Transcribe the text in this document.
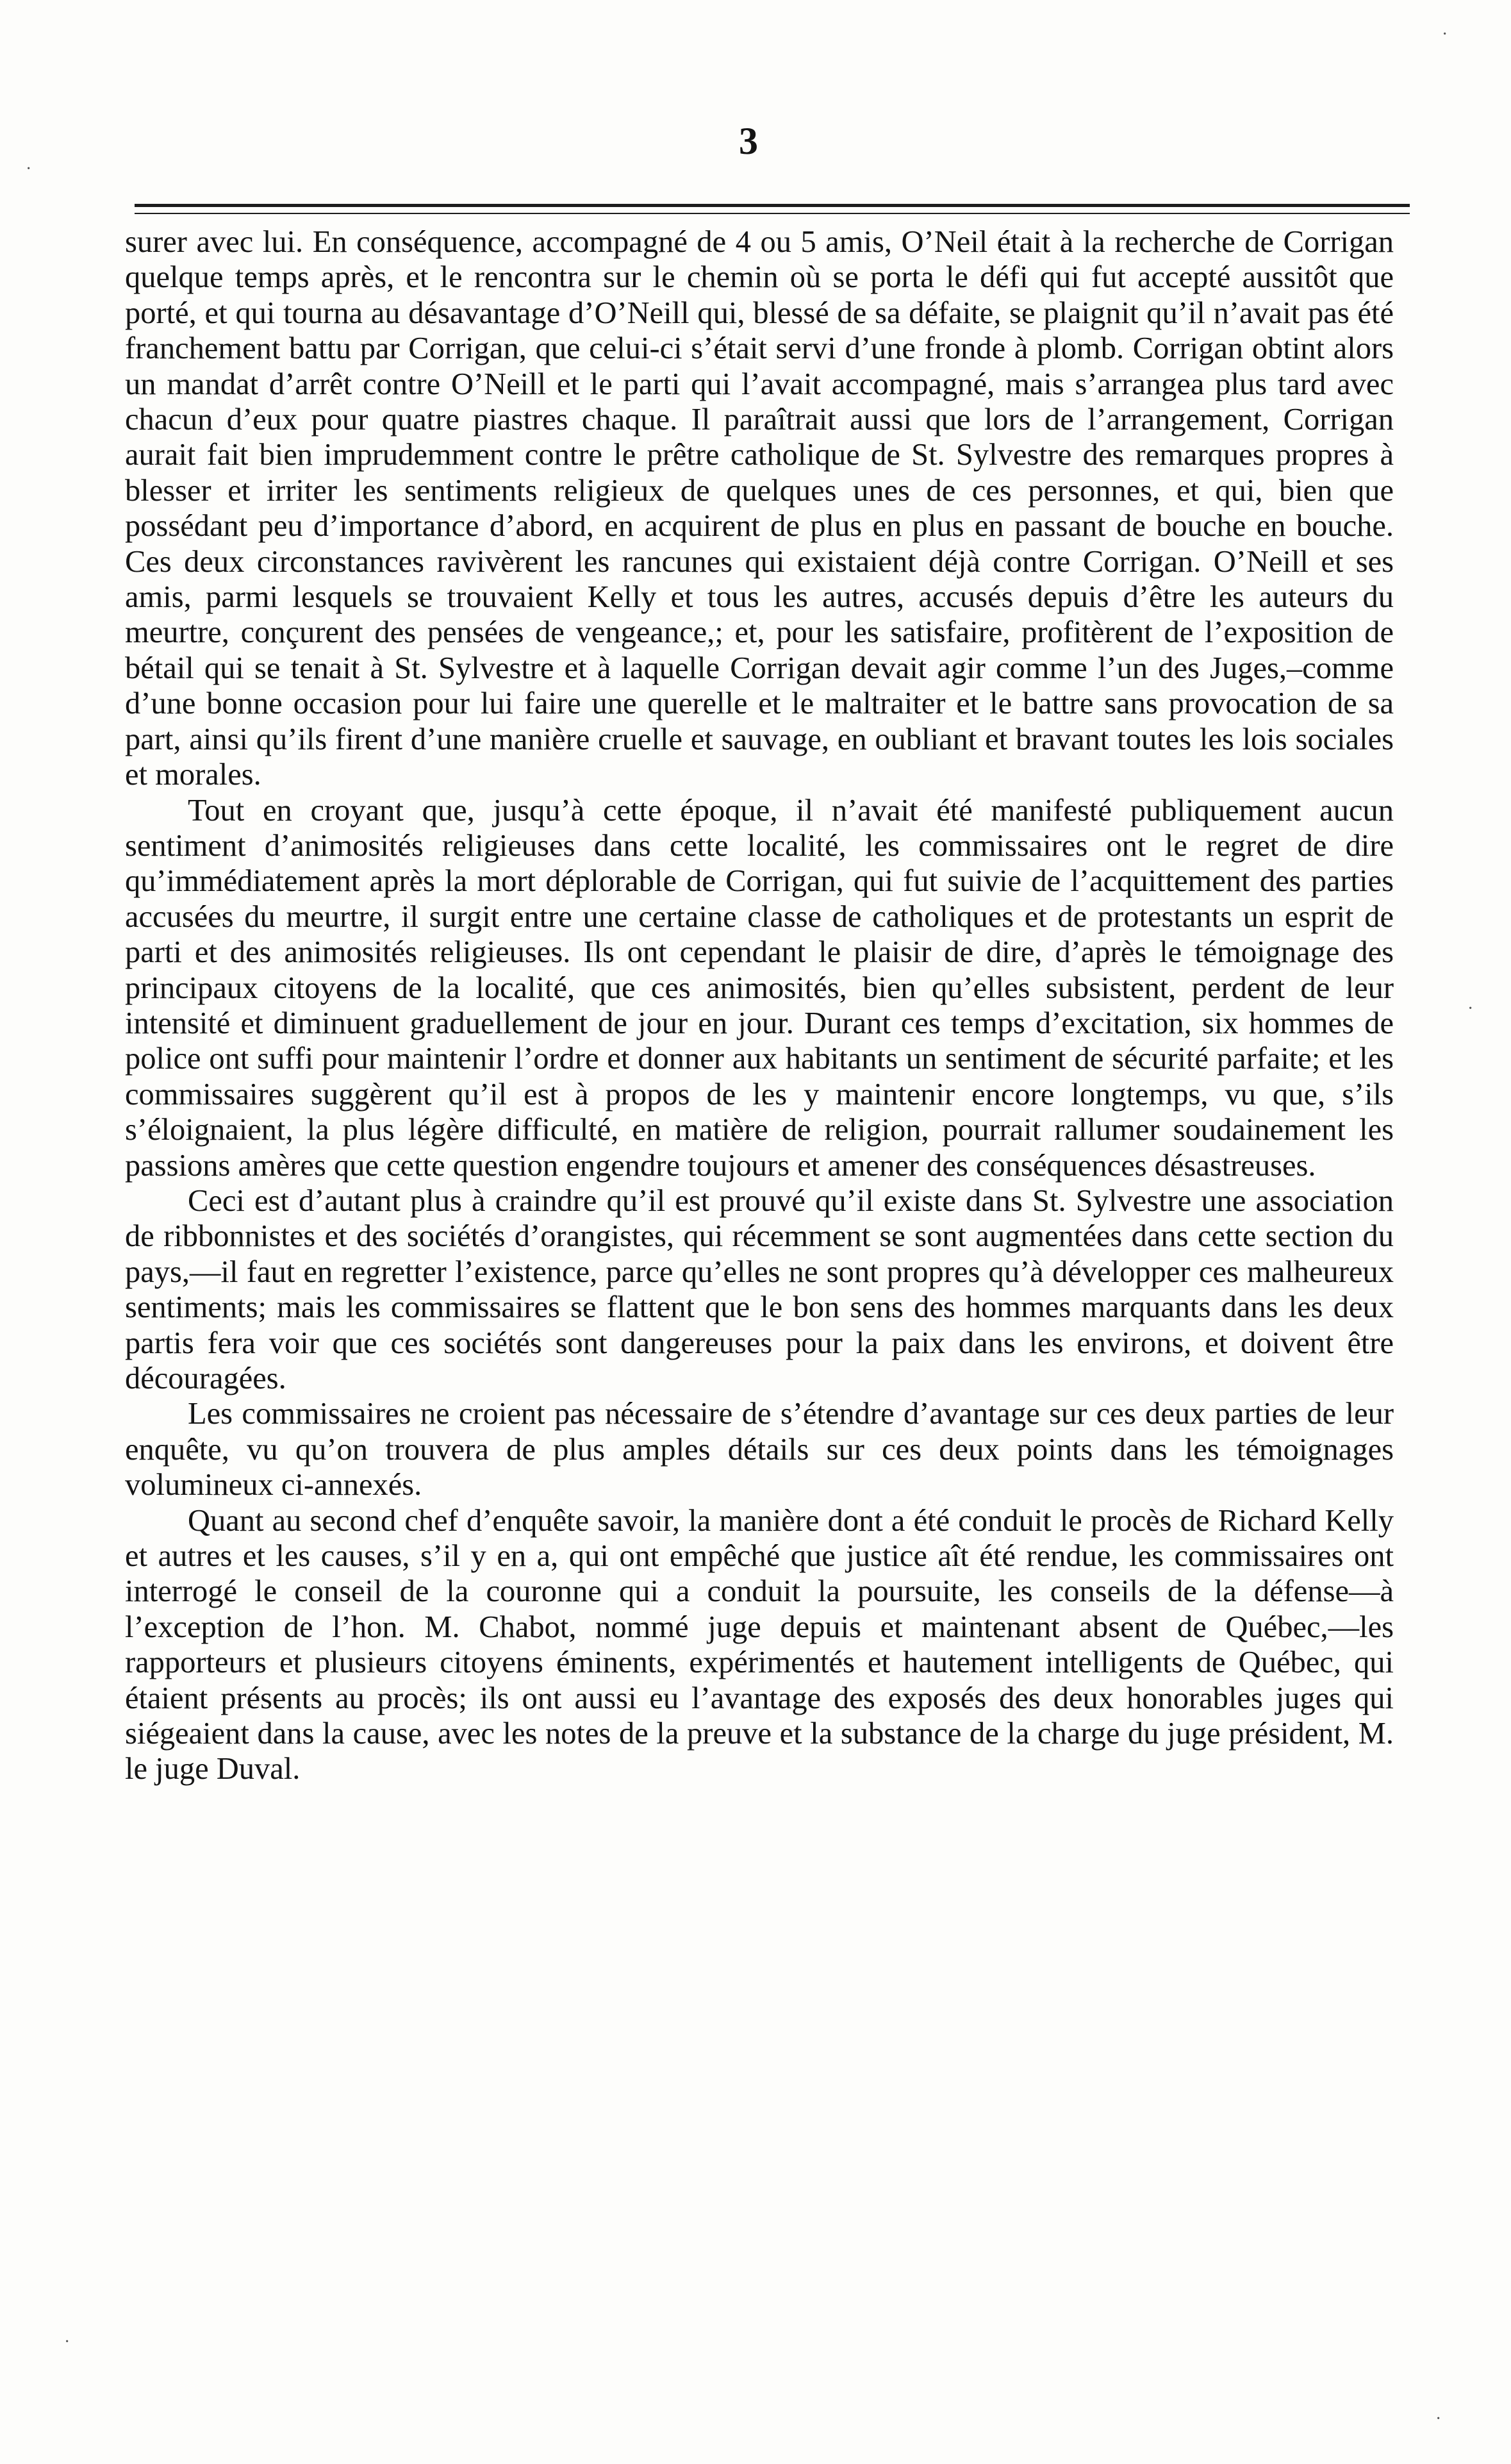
3

surer avec lui. En conséquence, accompagné de 4 ou 5 amis, O’Neil était à la recherche de Corrigan quelque temps après, et le rencontra sur le chemin où se porta le défi qui fut accepté aussitôt que porté, et qui tourna au désavantage d’O’Neill qui, blessé de sa défaite, se plaignit qu’il n’avait pas été franchement battu par Corrigan, que celui-ci s’était servi d’une fronde à plomb. Corrigan obtint alors un mandat d’arrêt contre O’Neill et le parti qui l’avait accompagné, mais s’arrangea plus tard avec chacun d’eux pour quatre piastres chaque. Il paraîtrait aussi que lors de l’arrangement, Corrigan aurait fait bien imprudemment contre le prêtre catholique de St. Sylvestre des remarques propres à blesser et irriter les sentiments religieux de quelques unes de ces personnes, et qui, bien que possédant peu d’importance d’abord, en acquirent de plus en plus en passant de bouche en bouche. Ces deux circonstances ravivèrent les rancunes qui existaient déjà contre Corrigan. O’Neill et ses amis, parmi lesquels se trouvaient Kelly et tous les autres, accusés depuis d’être les auteurs du meurtre, conçurent des pensées de vengeance,; et, pour les satisfaire, profitèrent de l’exposition de bétail qui se tenait à St. Sylvestre et à laquelle Corrigan devait agir comme l’un des Juges,–comme d’une bonne occasion pour lui faire une querelle et le maltraiter et le battre sans provocation de sa part, ainsi qu’ils firent d’une manière cruelle et sauvage, en oubliant et bravant toutes les lois sociales et morales.

Tout en croyant que, jusqu’à cette époque, il n’avait été manifesté publiquement aucun sentiment d’animosités religieuses dans cette localité, les commissaires ont le regret de dire qu’immédiatement après la mort déplorable de Corrigan, qui fut suivie de l’acquittement des parties accusées du meurtre, il surgit entre une certaine classe de catholiques et de protestants un esprit de parti et des animosités religieuses. Ils ont cependant le plaisir de dire, d’après le témoignage des principaux citoyens de la localité, que ces animosités, bien qu’elles subsistent, perdent de leur intensité et diminuent graduellement de jour en jour. Durant ces temps d’excitation, six hommes de police ont suffi pour maintenir l’ordre et donner aux habitants un sentiment de sécurité parfaite; et les commissaires suggèrent qu’il est à propos de les y maintenir encore longtemps, vu que, s’ils s’éloignaient, la plus légère difficulté, en matière de religion, pourrait rallumer soudainement les passions amères que cette question engendre toujours et amener des conséquences désastreuses.

Ceci est d’autant plus à craindre qu’il est prouvé qu’il existe dans St. Sylvestre une association de ribbonnistes et des sociétés d’orangistes, qui récemment se sont augmentées dans cette section du pays,—il faut en regretter l’existence, parce qu’elles ne sont propres qu’à développer ces malheureux sentiments; mais les commissaires se flattent que le bon sens des hommes marquants dans les deux partis fera voir que ces sociétés sont dangereuses pour la paix dans les environs, et doivent être découragées.

Les commissaires ne croient pas nécessaire de s’étendre d’avantage sur ces deux parties de leur enquête, vu qu’on trouvera de plus amples détails sur ces deux points dans les témoignages volumineux ci-annexés.

Quant au second chef d’enquête savoir, la manière dont a été conduit le procès de Richard Kelly et autres et les causes, s’il y en a, qui ont empêché que justice aît été rendue, les commissaires ont interrogé le conseil de la couronne qui a conduit la poursuite, les conseils de la défense—à l’exception de l’hon. M. Chabot, nommé juge depuis et maintenant absent de Québec,—les rapporteurs et plusieurs citoyens éminents, expérimentés et hautement intelligents de Québec, qui étaient présents au procès; ils ont aussi eu l’avantage des exposés des deux honorables juges qui siégeaient dans la cause, avec les notes de la preuve et la substance de la charge du juge président, M. le juge Duval.

·
·
·
·
·
